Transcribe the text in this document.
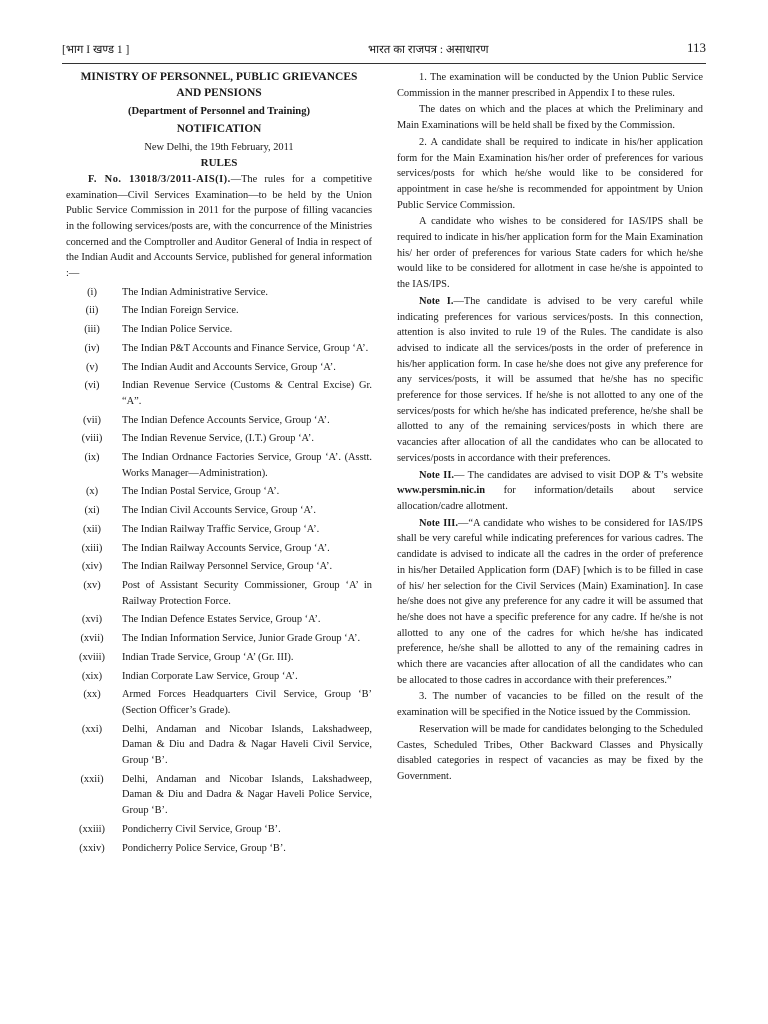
[भाग I खण्ड 1 ]	भारत का राजपत्र : असाधारण	113

MINISTRY OF PERSONNEL, PUBLIC GRIEVANCES

AND PENSIONS

(Department of Personnel and Training)

NOTIFICATION

New Delhi, the 19th February, 2011

RULES

F. No. 13018/3/2011-AIS(I).—The rules for a competitive examination—Civil Services Examination—to be held by the Union Public Service Commission in 2011 for the purpose of filling vacancies in the following services/posts are, with the concurrence of the Ministries concerned and the Comptroller and Auditor General of India in respect of the Indian Audit and Accounts Service, published for general information :—

(i)	The Indian Administrative Service.
(ii)	The Indian Foreign Service.
(iii)	The Indian Police Service.
(iv)	The Indian P&T Accounts and Finance Service, Group ‘A’.
(v)	The Indian Audit and Accounts Service, Group ‘A’.
(vi)	Indian Revenue Service (Customs & Central Excise) Gr. “A”.
(vii)	The Indian Defence Accounts Service, Group ‘A’.
(viii)	The Indian Revenue Service, (I.T.) Group ‘A’.
(ix)	The Indian Ordnance Factories Service, Group ‘A’. (Asstt. Works Manager—Administration).
(x)	The Indian Postal Service, Group ‘A’.
(xi)	The Indian Civil Accounts Service, Group ‘A’.
(xii)	The Indian Railway Traffic Service, Group ‘A’.
(xiii)	The Indian Railway Accounts Service, Group ‘A’.
(xiv)	The Indian Railway Personnel Service, Group ‘A’.
(xv)	Post of Assistant Security Commissioner, Group ‘A’ in Railway Protection Force.
(xvi)	The Indian Defence Estates Service, Group ‘A’.
(xvii)	The Indian Information Service, Junior Grade Group ‘A’.
(xviii)	Indian Trade Service, Group ‘A’ (Gr. III).
(xix)	Indian Corporate Law Service, Group ‘A’.
(xx)	Armed Forces Headquarters Civil Service, Group ‘B’ (Section Officer’s Grade).
(xxi)	Delhi, Andaman and Nicobar Islands, Lakshadweep, Daman & Diu and Dadra & Nagar Haveli Civil Service, Group ‘B’.
(xxii)	Delhi, Andaman and Nicobar Islands, Lakshadweep, Daman & Diu and Dadra & Nagar Haveli Police Service, Group ‘B’.
(xxiii)	Pondicherry Civil Service, Group ‘B’.
(xxiv)	Pondicherry Police Service, Group ‘B’.

1. The examination will be conducted by the Union Public Service Commission in the manner prescribed in Appendix I to these rules.

The dates on which and the places at which the Preliminary and Main Examinations will be held shall be fixed by the Commission.

2. A candidate shall be required to indicate in his/her application form for the Main Examination his/her order of preferences for various services/posts for which he/she would like to be considered for appointment in case he/she is recommended for appointment by Union Public Service Commission.

A candidate who wishes to be considered for IAS/IPS shall be required to indicate in his/her application form for the Main Examination his/ her order of preferences for various State caders for which he/she would like to be considered for allotment in case he/she is appointed to the IAS/IPS.

Note I.—The candidate is advised to be very careful while indicating preferences for various services/posts. In this connection, attention is also invited to rule 19 of the Rules. The candidate is also advised to indicate all the services/posts in the order of preference in his/her application form. In case he/she does not give any preference for any services/posts, it will be assumed that he/she has no specific preference for those services. If he/she is not allotted to any one of the services/posts for which he/she has indicated preference, he/she shall be allotted to any of the remaining services/posts in which there are vacancies after allocation of all the candidates who can be allocated to services/posts in accordance with their preferences.

Note II.— The candidates are advised to visit DOP & T’s website www.persmin.nic.in for information/details about service allocation/cadre allotment.

Note III.—“A candidate who wishes to be considered for IAS/IPS shall be very careful while indicating preferences for various cadres. The candidate is advised to indicate all the cadres in the order of preference in his/her Detailed Application form (DAF) [which is to be filled in case of his/ her selection for the Civil Services (Main) Examination]. In case he/she does not give any preference for any cadre it will be assumed that he/she does not have a specific preference for any cadre. If he/she is not allotted to any one of the cadres for which he/she has indicated preference, he/she shall be allotted to any of the remaining cadres in which there are vacancies after allocation of all the candidates who can be allocated to those cadres in accordance with their preferences.”

3. The number of vacancies to be filled on the result of the examination will be specified in the Notice issued by the Commission.

Reservation will be made for candidates belonging to the Scheduled Castes, Scheduled Tribes, Other Backward Classes and Physically disabled categories in respect of vacancies as may be fixed by the Government.
